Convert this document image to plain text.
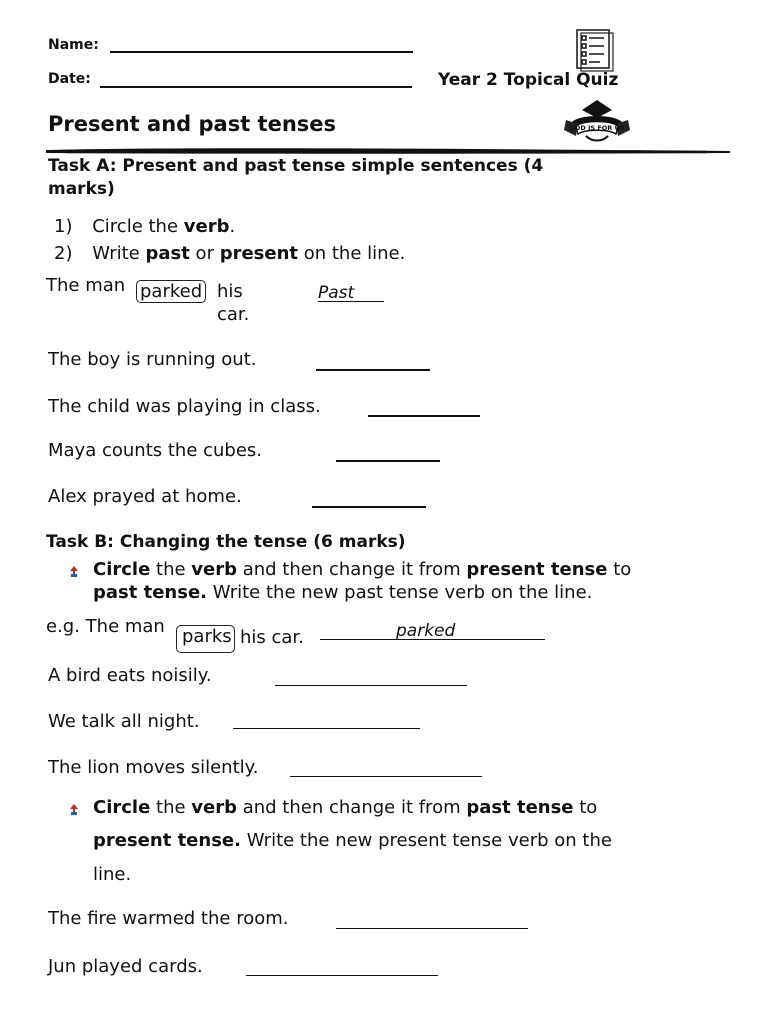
Name:
Date:	Year 2 Topical Quiz
GOD IS FOR US
Present and past tenses
Task A: Present and past tense simple sentences (4
marks)
1) Circle the verb.
2) Write past or present on the line.
The man parked his
car.
Past
The boy is running out.
The child was playing in class.
Maya counts the cubes.
Alex prayed at home.
Task B: Changing the tense (6 marks)
Circle the verb and then change it from present tense to
past tense. Write the new past tense verb on the line.
e.g. The man parks his car.	parked
A bird eats noisily.
We talk all night.
The lion moves silently.
Circle the verb and then change it from past tense to
present tense. Write the new present tense verb on the
line.
The fire warmed the room.
Jun played cards.
